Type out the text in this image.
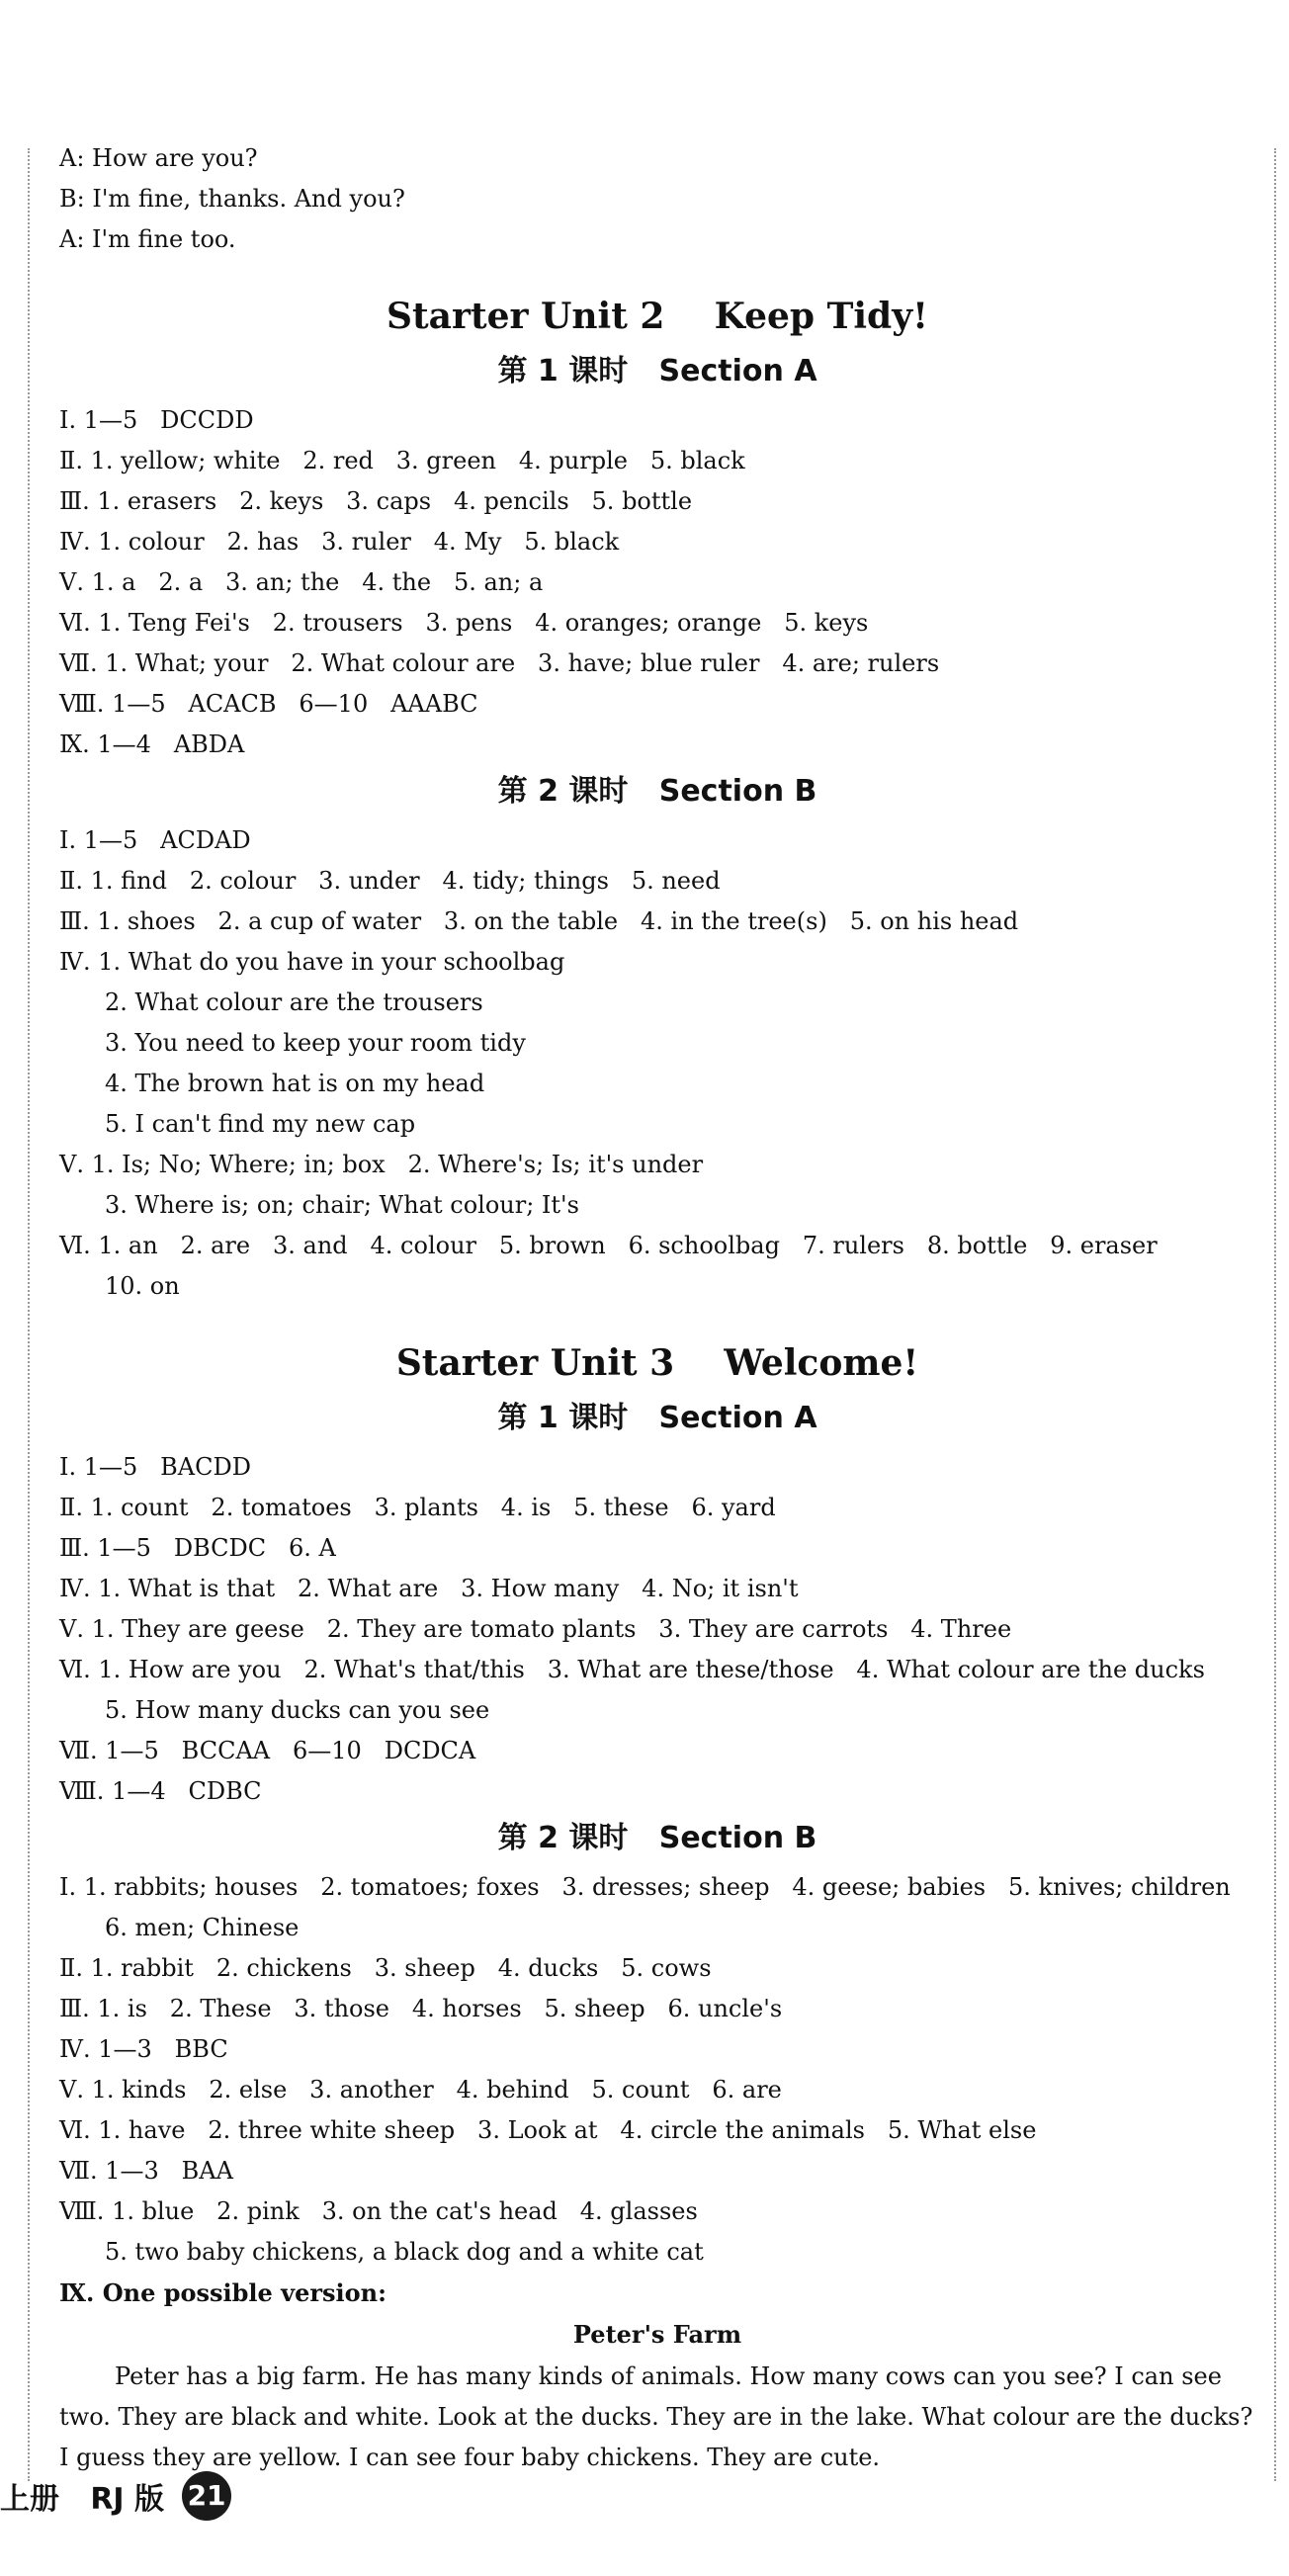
A: How are you?

B: I'm fine, thanks. And you?

A: I'm fine too.

Starter Unit 2    Keep Tidy!
第 1 课时   Section A

Ⅰ. 1—5   DCCDD

Ⅱ. 1. yellow; white   2. red   3. green   4. purple   5. black

Ⅲ. 1. erasers   2. keys   3. caps   4. pencils   5. bottle

Ⅳ. 1. colour   2. has   3. ruler   4. My   5. black

Ⅴ. 1. a   2. a   3. an; the   4. the   5. an; a

Ⅵ. 1. Teng Fei's   2. trousers   3. pens   4. oranges; orange   5. keys

Ⅶ. 1. What; your   2. What colour are   3. have; blue ruler   4. are; rulers

Ⅷ. 1—5   ACACB   6—10   AAABC

Ⅸ. 1—4   ABDA

第 2 课时   Section B

Ⅰ. 1—5   ACDAD

Ⅱ. 1. find   2. colour   3. under   4. tidy; things   5. need

Ⅲ. 1. shoes   2. a cup of water   3. on the table   4. in the tree(s)   5. on his head

Ⅳ. 1. What do you have in your schoolbag

2. What colour are the trousers

3. You need to keep your room tidy

4. The brown hat is on my head

5. I can't find my new cap

Ⅴ. 1. Is; No; Where; in; box   2. Where's; Is; it's under

3. Where is; on; chair; What colour; It's

Ⅵ. 1. an   2. are   3. and   4. colour   5. brown   6. schoolbag   7. rulers   8. bottle   9. eraser

10. on

Starter Unit 3    Welcome!
第 1 课时   Section A

Ⅰ. 1—5   BACDD

Ⅱ. 1. count   2. tomatoes   3. plants   4. is   5. these   6. yard

Ⅲ. 1—5   DBCDC   6. A

Ⅳ. 1. What is that   2. What are   3. How many   4. No; it isn't

Ⅴ. 1. They are geese   2. They are tomato plants   3. They are carrots   4. Three

Ⅵ. 1. How are you   2. What's that/this   3. What are these/those   4. What colour are the ducks

5. How many ducks can you see

Ⅶ. 1—5   BCCAA   6—10   DCDCA

Ⅷ. 1—4   CDBC

第 2 课时   Section B

Ⅰ. 1. rabbits; houses   2. tomatoes; foxes   3. dresses; sheep   4. geese; babies   5. knives; children

6. men; Chinese

Ⅱ. 1. rabbit   2. chickens   3. sheep   4. ducks   5. cows

Ⅲ. 1. is   2. These   3. those   4. horses   5. sheep   6. uncle's

Ⅳ. 1—3   BBC

Ⅴ. 1. kinds   2. else   3. another   4. behind   5. count   6. are

Ⅵ. 1. have   2. three white sheep   3. Look at   4. circle the animals   5. What else

Ⅶ. 1—3   BAA

Ⅷ. 1. blue   2. pink   3. on the cat's head   4. glasses

5. two baby chickens, a black dog and a white cat

Ⅸ. One possible version:

Peter's Farm

Peter has a big farm. He has many kinds of animals. How many cows can you see? I can see two. They are black and white. Look at the ducks. They are in the lake. What colour are the ducks? I guess they are yellow. I can see four baby chickens. They are cute.

上册   RJ 版 21
